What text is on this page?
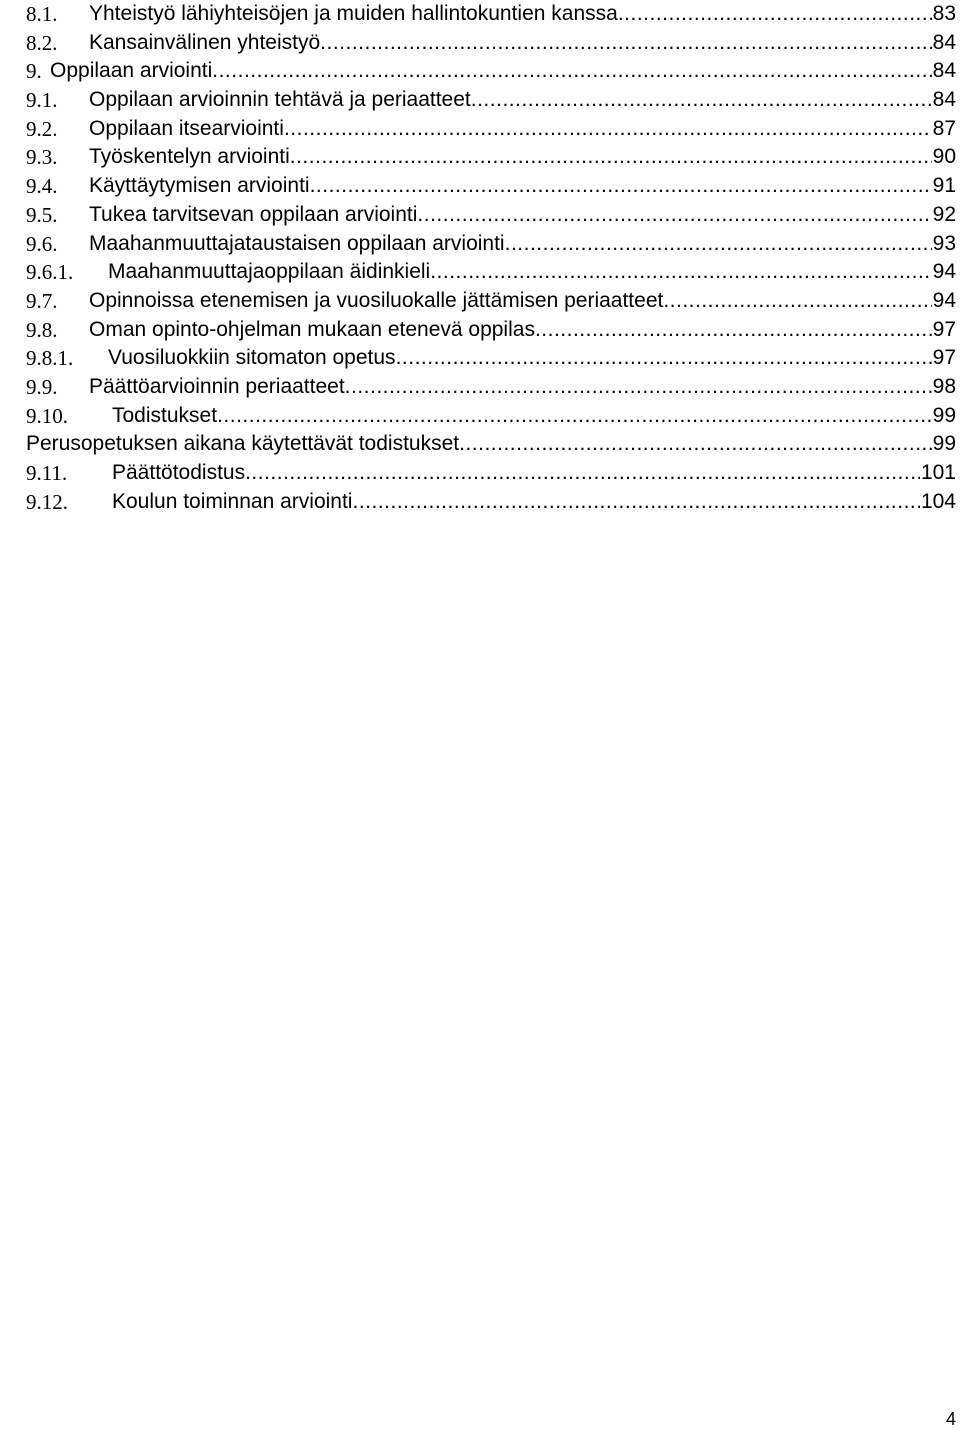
8.1. Yhteistyö lähiyhteisöjen ja muiden hallintokuntien kanssa .....	83
8.2. Kansainvälinen yhteistyö .....	84
9. Oppilaan arviointi .....	84
9.1. Oppilaan arvioinnin tehtävä ja periaatteet .....	84
9.2. Oppilaan itsearviointi .....	87
9.3. Työskentelyn arviointi .....	90
9.4. Käyttäytymisen arviointi .....	91
9.5. Tukea tarvitsevan oppilaan arviointi .....	92
9.6. Maahanmuuttajataustaisen oppilaan arviointi .....	93
9.6.1. Maahanmuuttajaoppilaan äidinkieli .....	94
9.7. Opinnoissa etenemisen ja vuosiluokalle jättämisen periaatteet .....	94
9.8. Oman opinto-ohjelman mukaan etenevä oppilas .....	97
9.8.1. Vuosiluokkiin sitomaton opetus .....	97
9.9. Päättöarvioinnin periaatteet .....	98
9.10. Todistukset .....	99
Perusopetuksen aikana käytettävät todistukset .....	99
9.11. Päättötodistus .....	101
9.12. Koulun toiminnan arviointi .....	104
4
